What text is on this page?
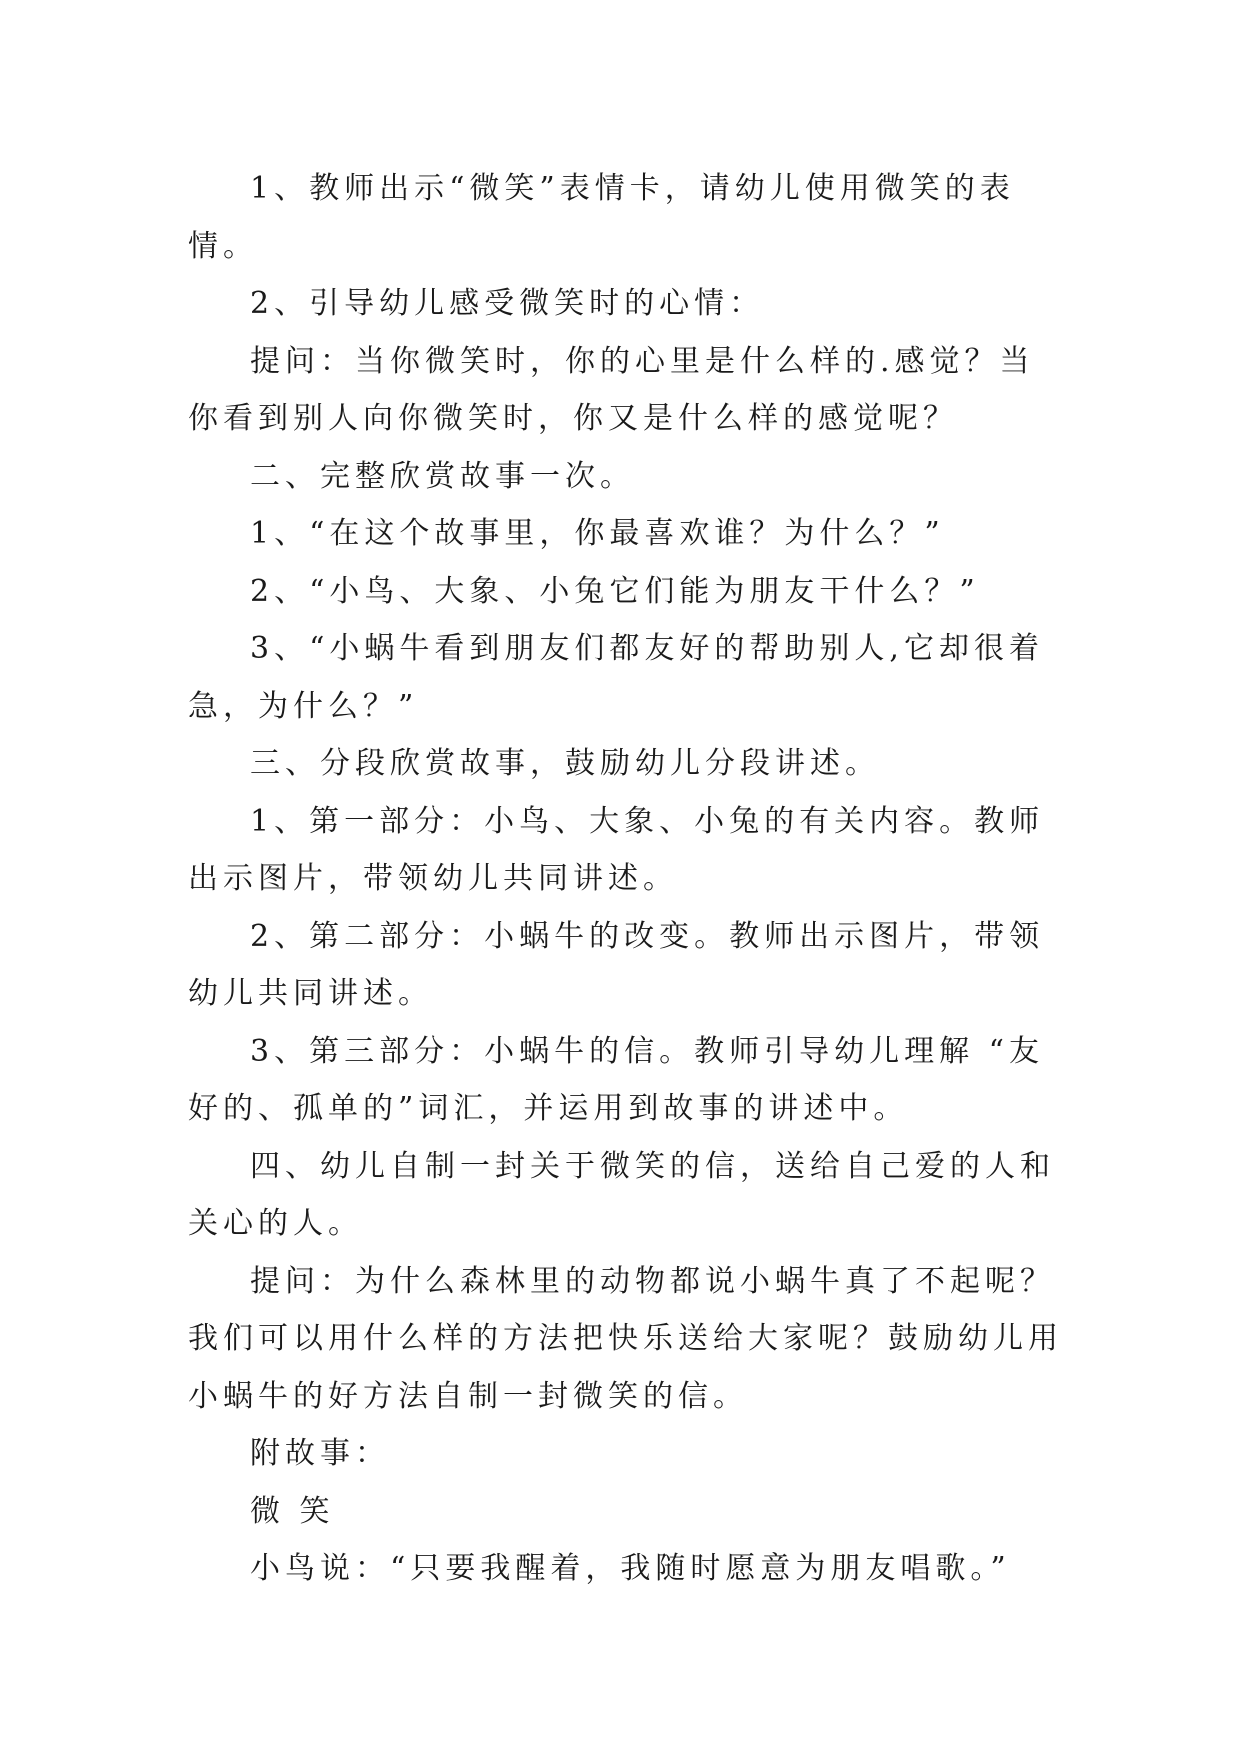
1、教师出示“微笑”表情卡，请幼儿使用微笑的表情。

2、引导幼儿感受微笑时的心情：

提问：当你微笑时，你的心里是什么样的.感觉？当你看到别人向你微笑时，你又是什么样的感觉呢？

二、完整欣赏故事一次。

1、“在这个故事里，你最喜欢谁？为什么？”

2、“小鸟、大象、小兔它们能为朋友干什么？”

3、“小蜗牛看到朋友们都友好的帮助别人,它却很着急，为什么？”

三、分段欣赏故事，鼓励幼儿分段讲述。

1、第一部分：小鸟、大象、小兔的有关内容。教师出示图片，带领幼儿共同讲述。

2、第二部分：小蜗牛的改变。教师出示图片，带领幼儿共同讲述。

3、第三部分：小蜗牛的信。教师引导幼儿理解 “友好的、孤单的”词汇，并运用到故事的讲述中。

四、幼儿自制一封关于微笑的信，送给自己爱的人和关心的人。

提问：为什么森林里的动物都说小蜗牛真了不起呢？我们可以用什么样的方法把快乐送给大家呢？鼓励幼儿用小蜗牛的好方法自制一封微笑的信。

附故事：

微 笑

小鸟说：“只要我醒着，我随时愿意为朋友唱歌。”
